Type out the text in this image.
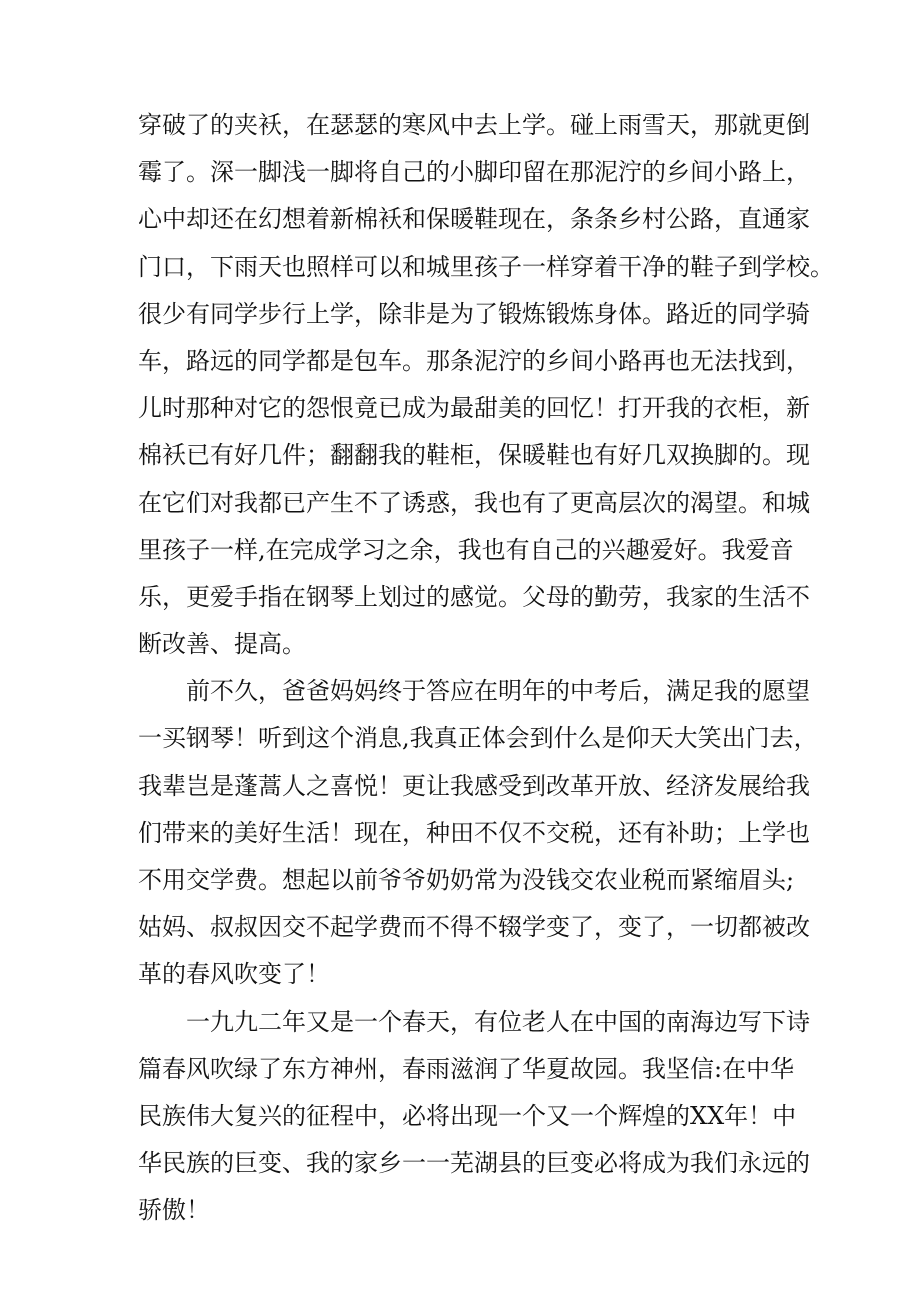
穿破了的夹袄，在瑟瑟的寒风中去上学。碰上雨雪天，那就更倒
霉了。深一脚浅一脚将自己的小脚印留在那泥泞的乡间小路上，
心中却还在幻想着新棉袄和保暖鞋现在，条条乡村公路，直通家
门口，下雨天也照样可以和城里孩子一样穿着干净的鞋子到学校。
很少有同学步行上学，除非是为了锻炼锻炼身体。路近的同学骑
车，路远的同学都是包车。那条泥泞的乡间小路再也无法找到，
儿时那种对它的怨恨竟已成为最甜美的回忆！打开我的衣柜，新
棉袄已有好几件；翻翻我的鞋柜，保暖鞋也有好几双换脚的。现
在它们对我都已产生不了诱惑，我也有了更高层次的渴望。和城
里孩子一样,在完成学习之余，我也有自己的兴趣爱好。我爱音
乐，更爱手指在钢琴上划过的感觉。父母的勤劳，我家的生活不
断改善、提高。

前不久，爸爸妈妈终于答应在明年的中考后，满足我的愿望
一买钢琴！听到这个消息,我真正体会到什么是仰天大笑出门去，
我辈岂是蓬蒿人之喜悦！更让我感受到改革开放、经济发展给我
们带来的美好生活！现在，种田不仅不交税，还有补助；上学也
不用交学费。想起以前爷爷奶奶常为没钱交农业税而紧缩眉头;
姑妈、叔叔因交不起学费而不得不辍学变了，变了，一切都被改
革的春风吹变了！

一九九二年又是一个春天，有位老人在中国的南海边写下诗
篇春风吹绿了东方神州，春雨滋润了华夏故园。我坚信:在中华
民族伟大复兴的征程中，必将出现一个又一个辉煌的XX年！中
华民族的巨变、我的家乡一一芜湖县的巨变必将成为我们永远的
骄傲！
